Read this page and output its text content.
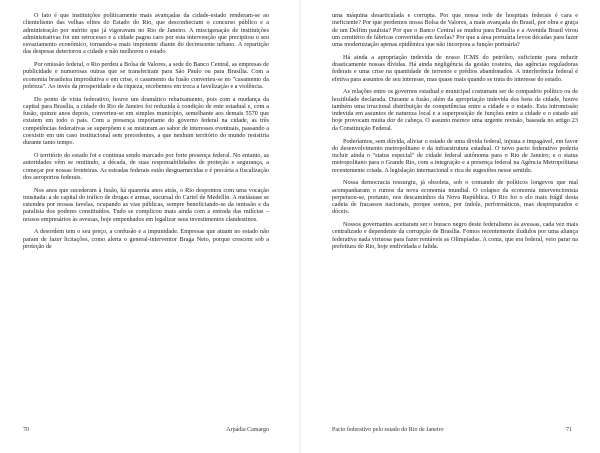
O fato é que instituições politicamente mais avançadas da cidade-estado renderam-se ao clientelismo das velhas elites do Estado do Rio, que desconheciam o concurso público e a administração por mérito que já vigoravam no Rio de Janeiro. A miscigenação de instituições administrativas foi um retrocesso e a cidade pagou caro por esta intervenção que precipitou o seu esvaziamento econômico, tornando-a mais impotente diante do decrescente urbano. A repartição das despesas deteriorou a cidade e não melhorou o estado.

Por omissão federal, o Rio perdeu a Bolsa de Valores, a sede do Banco Central, as empresas de publicidade e numerosas outras que se transferiram para São Paulo ou para Brasília. Com a economia brasileira improdutiva e em crise, o casamento da fusão converteu-se no "casamento da pobreza". Ao invés da prosperidade e da riqueza, recebemos em troca a favelização e a violência.

Do ponto de vista federativo, houve um dramático rebaixamento, pois com a mudança da capital para Brasília, a cidade do Rio de Janeiro foi reduzida à condição de ente estadual e, com a fusão, quinze anos depois, converteu-se em simples município, semelhante aos demais 5570 que existem em todo o país. Com a presença importante do governo federal na cidade, as três competências federativas se superpõem e se misturam ao sabor de interesses eventuais, passando a coexistir em um caso institucional sem precedentes, a que nenhum território do mundo resistiria durante tanto tempo.

O território do estado foi e continua sendo marcado por forte presença federal. No entanto, as autoridades vêm se omitindo, a década, de suas responsabilidades de proteção e segurança, a começar por nossas fronteiras. As estradas federais estão desguarnecidas e é precária a fiscalização dos aeroportos federais.

Nos anos que sucederam à fusão, há quarenta anos atrás, o Rio despontou com uma vocação inusitada: a de capital do tráfico de drogas e armas, sucursal do Cartel de Medellín. A metástase se estendeu por nossas favelas, ocupando as vias públicas, sempre beneficiando-se da omissão e da paralisia dos poderes constituídos. Tudo se complicou mais ainda com a entrada das milícias – nossos empresários às avessas, hoje empenhados em legalizar seus investimentos clandestinos.

A desordem tem o seu preço, a confusão e a impunidade. Empresas que atuam no estado não param de fazer licitações, como alerta o general-interventor Braga Neto, porque crescem sob a proteção de

uma máquina desarticulada e corrupta. Por que nossa rede de hospitais federais é cara e ineficiente? Por que perdemos nossa Bolsa de Valores, a mais avançada do Brasil, por obra e graça de um Delfim paulista? Por que o Banco Central se mudou para Brasília e a Avenida Brasil virou um cemitério de fábricas convertidas em favelas? Por que a área portuária levou décadas para fazer uma modernização apenas epidêmica que não incorpora a função portuária?

Há ainda a apropriação indevida de nosso ICMS do petróleo, suficiente para reduzir drasticamente nossas dívidas. Há ainda negligência da gestão costeira, das agências reguladoras federais e uma crise na quantidade de terrenos e prédios abandonados. A interferência federal é efetiva para assuntos de seu interesse, mas quase mais quando se trata do interesse do estado.

As relações entre os governos estadual e municipal costumam ser de compadrio político ou de hostilidade declarada. Durante a fusão, além da apropriação indevida dos bens da cidade, houve também uma irracional distribuição de competências entre a cidade e o estado. Esta intromissão indevida em assuntos de natureza local e a superposição de funções entre a cidade e o estado até hoje provocam muita dor de cabeça. O assunto merece uma urgente revisão, baseada no artigo 23 da Constituição Federal.

Poderíamos, sem dúvida, aliviar o estado de uma dívida federal, injusta e impagável, em favor do desenvolvimento metropolitano e da infraestrutura estadual. O novo pacto federativo poderia incluir ainda o "status especial" de cidade federal autônoma para o Rio de Janeiro; e o status metropolitano para o Grande Rio, com a integração e a presença federal na Agência Metropolitana recentemente criada. A legislação internacional e rica de sugestões nesse sentido.

Nossa democracia ressurgiu, já obsoleta, sob o comando de políticos longevos que mal acompanharam o rumos da nova economia mundial. O colapso da economia intervencionista perpetuou-se, portanto, nos descaminhos da Nova República. O Rio foi o elo mais frágil desta cadeia de fracassos nacionais, porque somos, por índole, performáticos, mas despreparados e dóceis.

Nossos governantes aceitaram ser o buraco negro deste federalismo às avessas, cada vez mais centralizado e dependente da corrupção de Brasília. Fomos recentemente iludidos por uma aliança federativa nada virtuosa para fazer rentáveis as Olimpíadas. A conta, que era federal, veio parar na prefeitura do Rio, hoje endividada e falida.

70	Arpádia Camargo	Pacto federativo pelo estado do Rio de Janeiro	71
